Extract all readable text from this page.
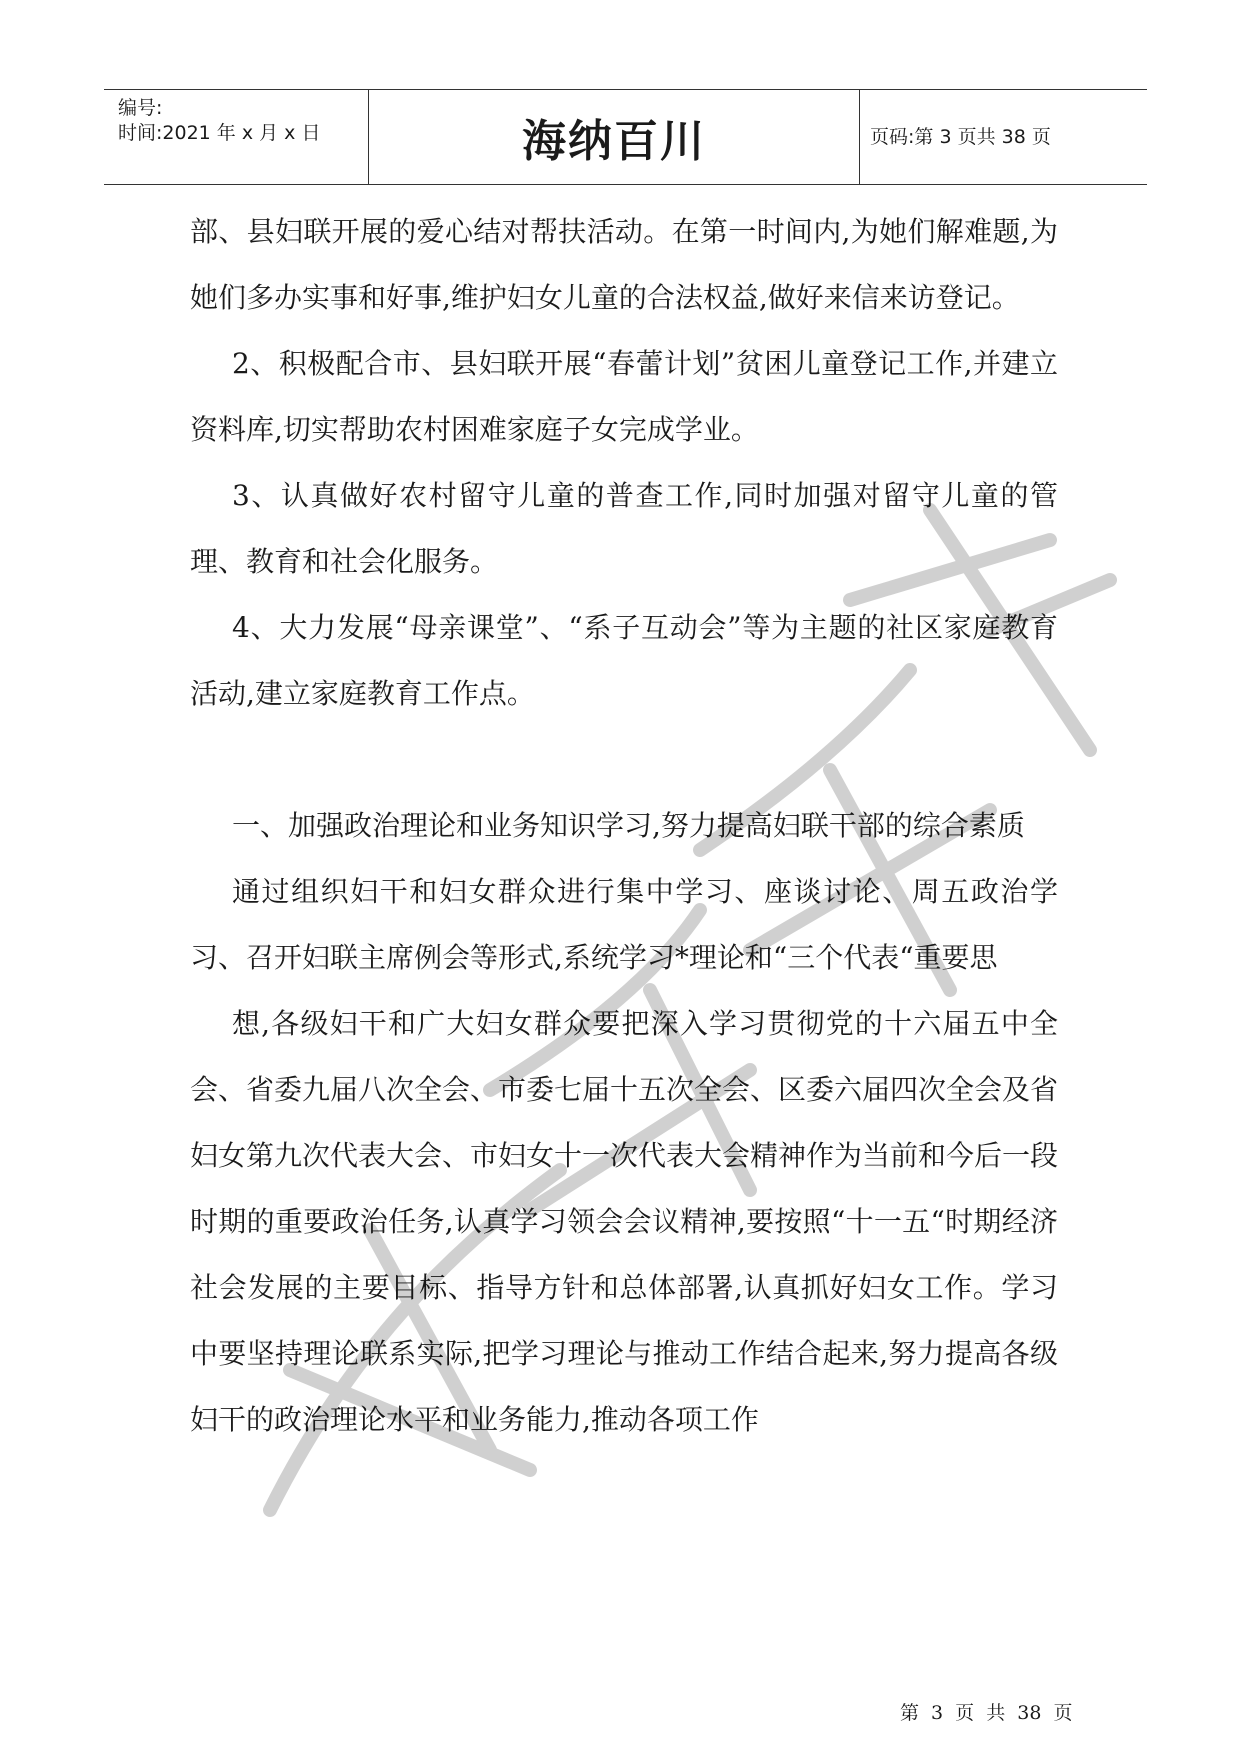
编号:
时间:2021 年 x 月 x 日	海纳百川	页码:第 3 页共 38 页

部、县妇联开展的爱心结对帮扶活动。在第一时间内,为她们解难题,为她们多办实事和好事,维护妇女儿童的合法权益,做好来信来访登记。

2、积极配合市、县妇联开展“春蕾计划”贫困儿童登记工作,并建立资料库,切实帮助农村困难家庭子女完成学业。

3、认真做好农村留守儿童的普查工作,同时加强对留守儿童的管理、教育和社会化服务。

4、大力发展“母亲课堂”、“系子互动会”等为主题的社区家庭教育活动,建立家庭教育工作点。

一、加强政治理论和业务知识学习,努力提高妇联干部的综合素质

通过组织妇干和妇女群众进行集中学习、座谈讨论、周五政治学习、召开妇联主席例会等形式,系统学习*理论和“三个代表“重要思

想,各级妇干和广大妇女群众要把深入学习贯彻党的十六届五中全会、省委九届八次全会、市委七届十五次全会、区委六届四次全会及省妇女第九次代表大会、市妇女十一次代表大会精神作为当前和今后一段时期的重要政治任务,认真学习领会会议精神,要按照“十一五“时期经济社会发展的主要目标、指导方针和总体部署,认真抓好妇女工作。学习中要坚持理论联系实际,把学习理论与推动工作结合起来,努力提高各级妇干的政治理论水平和业务能力,推动各项工作

第 3 页 共 38 页
